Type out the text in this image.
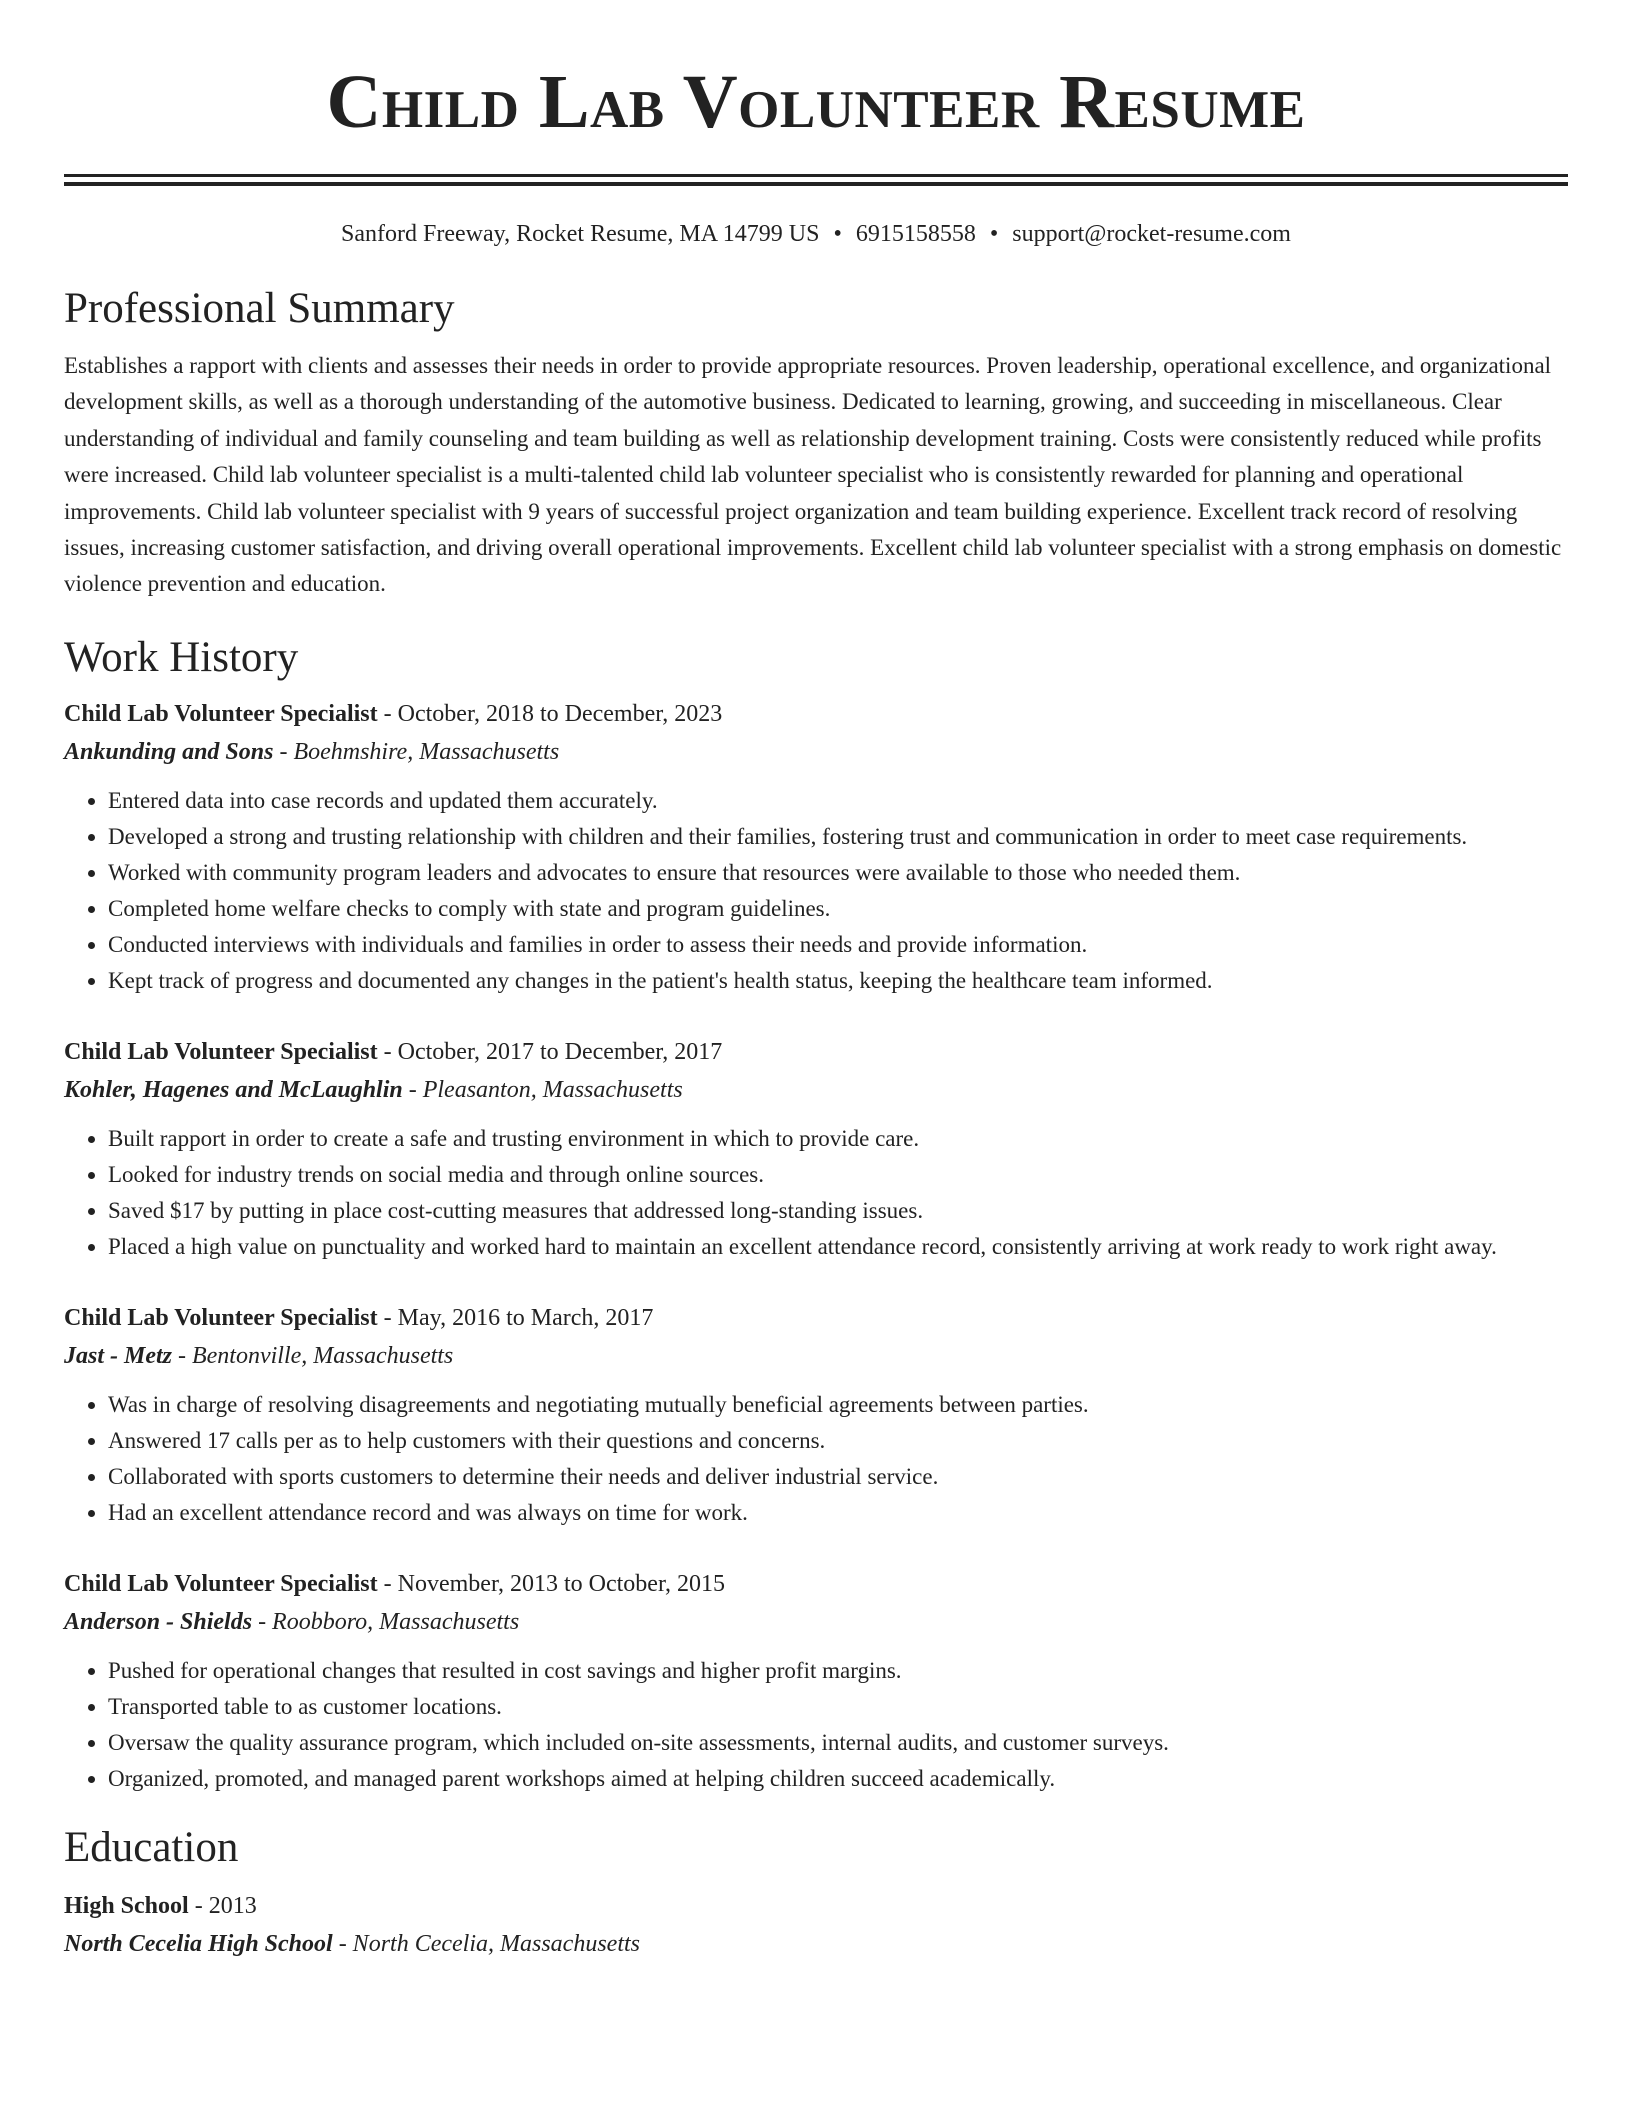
Child Lab Volunteer Resume
Sanford Freeway, Rocket Resume, MA 14799 US • 6915158558 • support@rocket-resume.com
Professional Summary
Establishes a rapport with clients and assesses their needs in order to provide appropriate resources. Proven leadership, operational excellence, and organizational development skills, as well as a thorough understanding of the automotive business. Dedicated to learning, growing, and succeeding in miscellaneous. Clear understanding of individual and family counseling and team building as well as relationship development training. Costs were consistently reduced while profits were increased. Child lab volunteer specialist is a multi-talented child lab volunteer specialist who is consistently rewarded for planning and operational improvements. Child lab volunteer specialist with 9 years of successful project organization and team building experience. Excellent track record of resolving issues, increasing customer satisfaction, and driving overall operational improvements. Excellent child lab volunteer specialist with a strong emphasis on domestic violence prevention and education.
Work History
Child Lab Volunteer Specialist - October, 2018 to December, 2023
Ankunding and Sons - Boehmshire, Massachusetts
• Entered data into case records and updated them accurately.
• Developed a strong and trusting relationship with children and their families, fostering trust and communication in order to meet case requirements.
• Worked with community program leaders and advocates to ensure that resources were available to those who needed them.
• Completed home welfare checks to comply with state and program guidelines.
• Conducted interviews with individuals and families in order to assess their needs and provide information.
• Kept track of progress and documented any changes in the patient's health status, keeping the healthcare team informed.
Child Lab Volunteer Specialist - October, 2017 to December, 2017
Kohler, Hagenes and McLaughlin - Pleasanton, Massachusetts
• Built rapport in order to create a safe and trusting environment in which to provide care.
• Looked for industry trends on social media and through online sources.
• Saved $17 by putting in place cost-cutting measures that addressed long-standing issues.
• Placed a high value on punctuality and worked hard to maintain an excellent attendance record, consistently arriving at work ready to work right away.
Child Lab Volunteer Specialist - May, 2016 to March, 2017
Jast - Metz - Bentonville, Massachusetts
• Was in charge of resolving disagreements and negotiating mutually beneficial agreements between parties.
• Answered 17 calls per as to help customers with their questions and concerns.
• Collaborated with sports customers to determine their needs and deliver industrial service.
• Had an excellent attendance record and was always on time for work.
Child Lab Volunteer Specialist - November, 2013 to October, 2015
Anderson - Shields - Roobboro, Massachusetts
• Pushed for operational changes that resulted in cost savings and higher profit margins.
• Transported table to as customer locations.
• Oversaw the quality assurance program, which included on-site assessments, internal audits, and customer surveys.
• Organized, promoted, and managed parent workshops aimed at helping children succeed academically.
Education
High School - 2013
North Cecelia High School - North Cecelia, Massachusetts
